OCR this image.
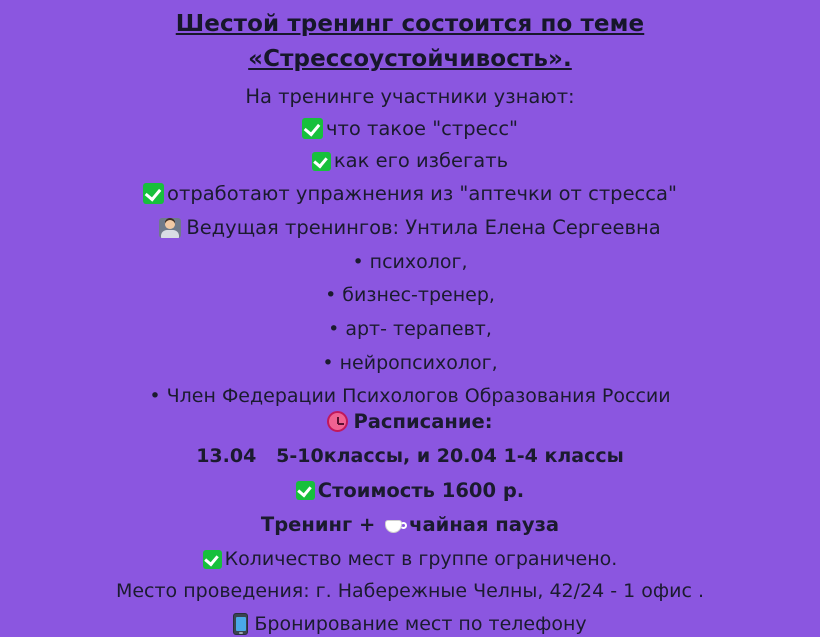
Шестой тренинг состоится по теме
«Стрессоустойчивость».
На тренинге участники узнают:
что такое "стресс"
как его избегать
отработают упражнения из "аптечки от стресса"
Ведущая тренингов: Унтила Елена Сергеевна
• психолог,
• бизнес-тренер,
• арт- терапевт,
• нейропсихолог,
• Член Федерации Психологов Образования России
Расписание:
13.04   5-10классы, и 20.04 1-4 классы
Стоимость 1600 р.
Тренинг + чайная пауза
Количество мест в группе ограничено.
Место проведения: г. Набережные Челны, 42/24 - 1 офис .
Бронирование мест по телефону
